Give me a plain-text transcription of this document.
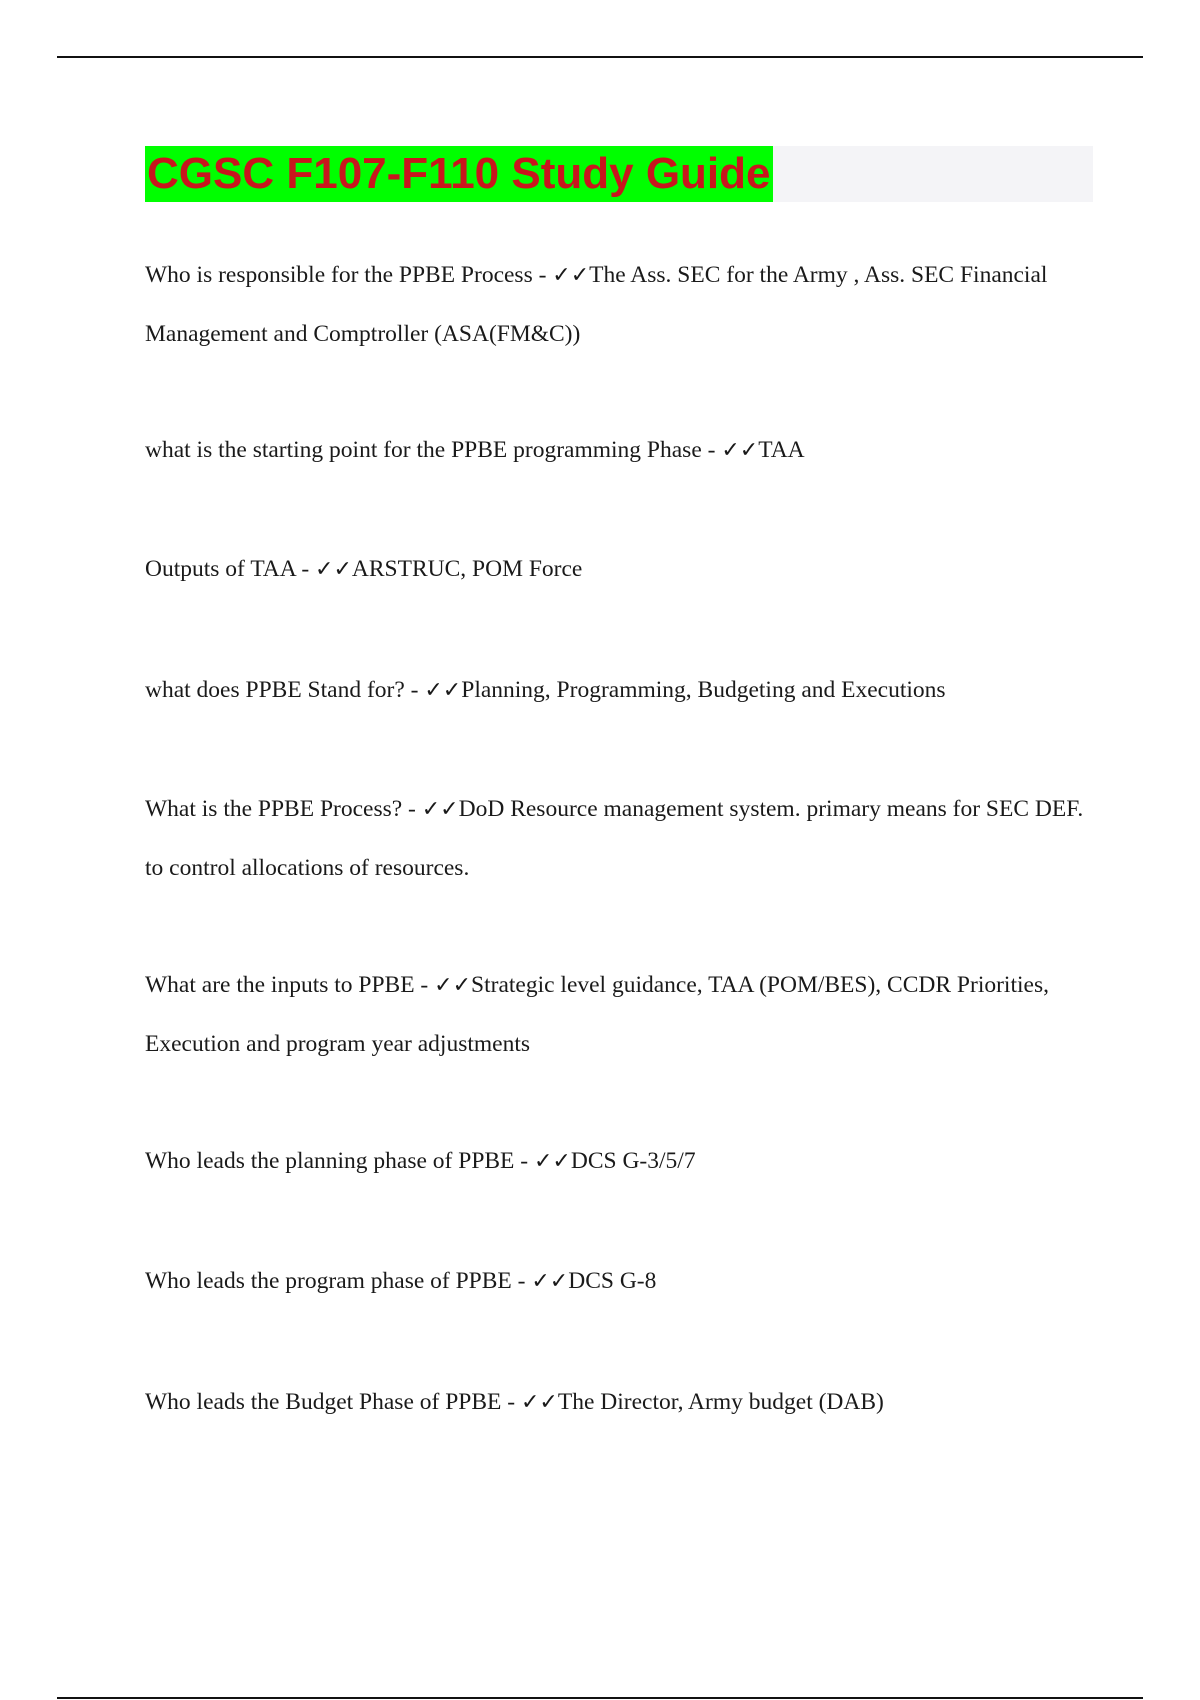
CGSC F107-F110 Study Guide

Who is responsible for the PPBE Process - ✓✓The Ass. SEC for the Army , Ass. SEC Financial Management and Comptroller (ASA(FM&C))

what is the starting point for the PPBE programming Phase - ✓✓TAA

Outputs of TAA - ✓✓ARSTRUC, POM Force

what does PPBE Stand for? - ✓✓Planning, Programming, Budgeting and Executions

What is the PPBE Process? - ✓✓DoD Resource management system. primary means for SEC DEF. to control allocations of resources.

What are the inputs to PPBE - ✓✓Strategic level guidance, TAA (POM/BES), CCDR Priorities, Execution and program year adjustments

Who leads the planning phase of PPBE - ✓✓DCS G-3/5/7

Who leads the program phase of PPBE - ✓✓DCS G-8

Who leads the Budget Phase of PPBE - ✓✓The Director, Army budget (DAB)
